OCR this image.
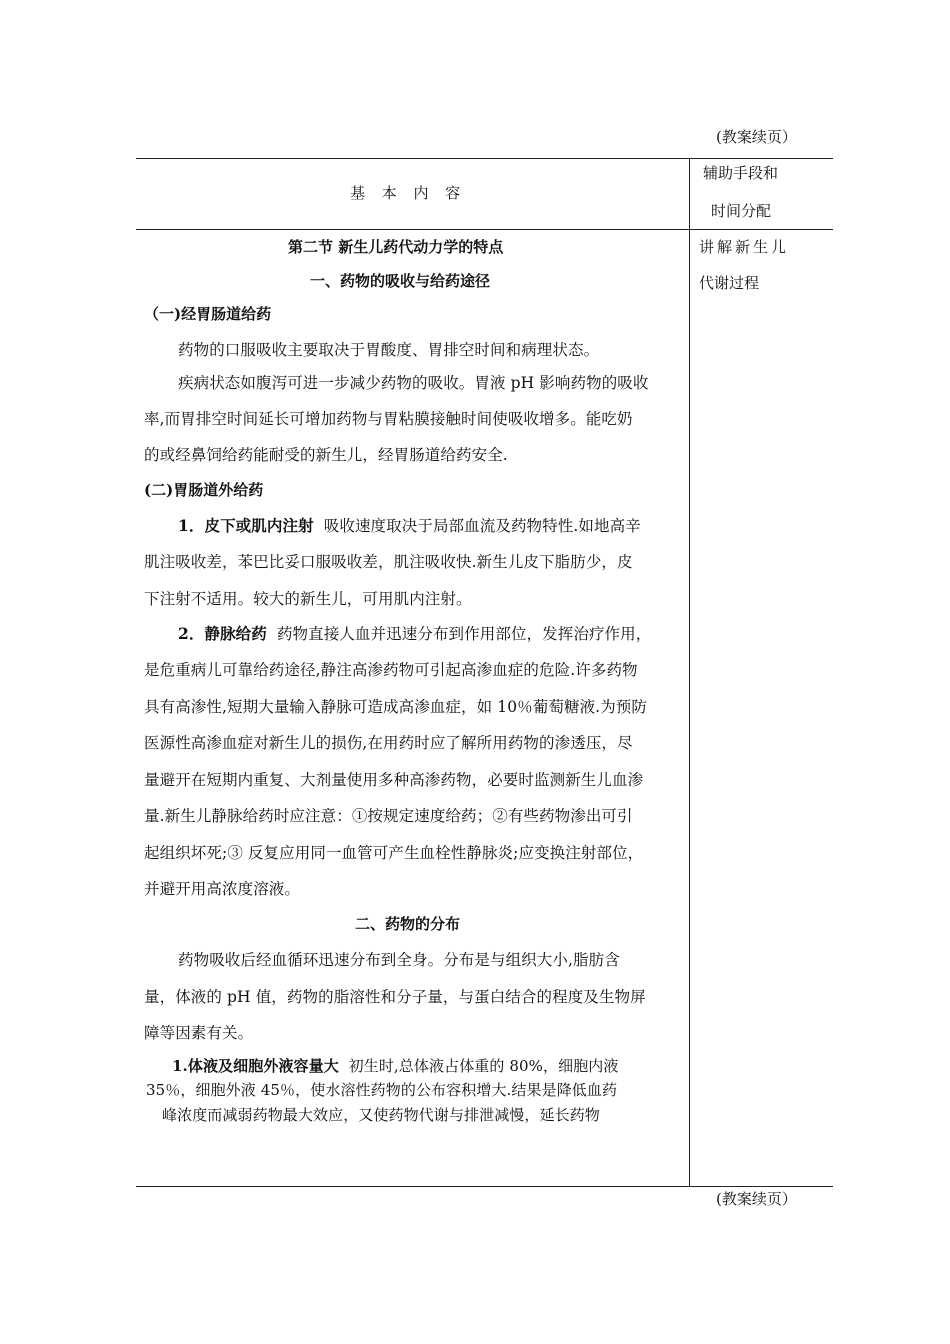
(教案续页）
基 本 内 容
辅助手段和
时间分配
讲解新生儿
代谢过程
第二节 新生儿药代动力学的特点
一、药物的吸收与给药途径
（一)经胃肠道给药
药物的口服吸收主要取决于胃酸度、胃排空时间和病理状态。
疾病状态如腹泻可进一步减少药物的吸收。胃液 pH 影响药物的吸收
率,而胃排空时间延长可增加药物与胃粘膜接触时间使吸收增多。能吃奶
的或经鼻饲给药能耐受的新生儿，经胃肠道给药安全.
(二)胃肠道外给药
1．皮下或肌内注射 吸收速度取决于局部血流及药物特性.如地高辛
肌注吸收差，苯巴比妥口服吸收差，肌注吸收快.新生儿皮下脂肪少，皮
下注射不适用。较大的新生儿，可用肌内注射。
2．静脉给药 药物直接人血并迅速分布到作用部位，发挥治疗作用，
是危重病儿可靠给药途径,静注高渗药物可引起高渗血症的危险.许多药物
具有高渗性,短期大量输入静脉可造成高渗血症，如 10％葡萄糖液.为预防
医源性高渗血症对新生儿的损伤,在用药时应了解所用药物的渗透压，尽
量避开在短期内重复、大剂量使用多种高渗药物，必要时监测新生儿血渗
量.新生儿静脉给药时应注意：①按规定速度给药；②有些药物渗出可引
起组织坏死;③ 反复应用同一血管可产生血栓性静脉炎;应变换注射部位，
并避开用高浓度溶液。
二、药物的分布
药物吸收后经血循环迅速分布到全身。分布是与组织大小,脂肪含
量，体液的 pH 值，药物的脂溶性和分子量，与蛋白结合的程度及生物屏
障等因素有关。
1.体液及细胞外液容量大 初生时,总体液占体重的 80%，细胞内液
35％，细胞外液 45％，使水溶性药物的公布容积增大.结果是降低血药
峰浓度而减弱药物最大效应，又使药物代谢与排泄减慢，延长药物
(教案续页）
